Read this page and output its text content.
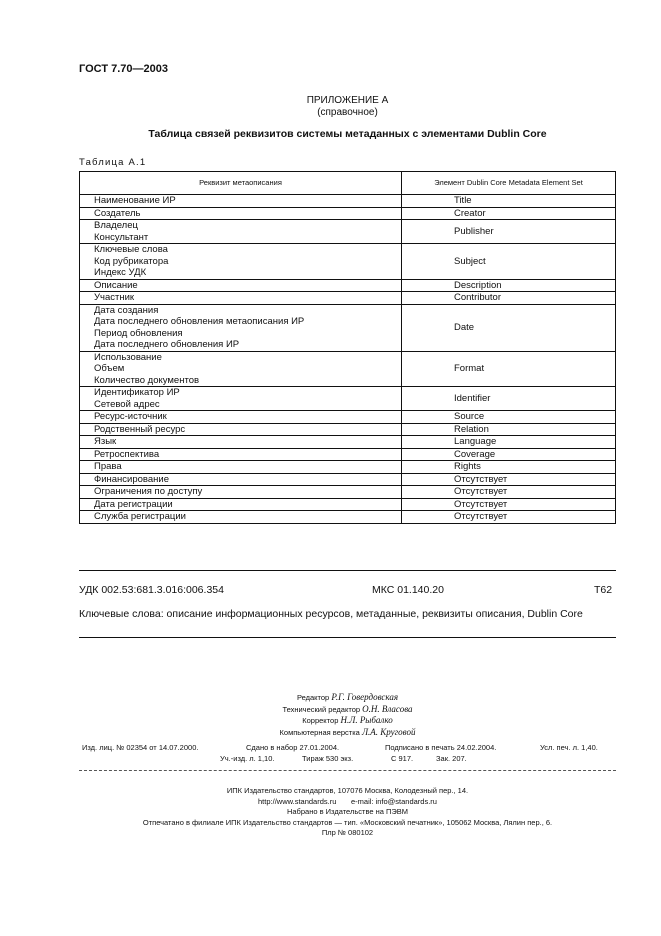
ГОСТ 7.70—2003
ПРИЛОЖЕНИЕ А
(справочное)
Таблица связей реквизитов системы метаданных с элементами Dublin Core
Таблица А.1
Реквизит метаописания	Элемент Dublin Core Metadata Element Set

Наименование ИР	Title

Создатель	Creator

Владелец
Консультант	Publisher

Ключевые слова
Код рубрикатора
Индекс УДК	Subject

Описание	Description

Участник	Contributor

Дата создания
Дата последнего обновления метаописания ИР
Период обновления
Дата последнего обновления ИР	Date

Использование
Объем
Количество документов	Format

Идентификатор ИР
Сетевой адрес	Identifier

Ресурс-источник	Source

Родственный ресурс	Relation

Язык	Language

Ретроспектива	Coverage

Права	Rights

Финансирование	Отсутствует

Ограничения по доступу	Отсутствует

Дата регистрации	Отсутствует

Служба регистрации	Отсутствует
УДК 002.53:681.3.016:006.354	МКС 01.140.20	Т62
Ключевые слова: описание информационных ресурсов, метаданные, реквизиты описания, Dublin Core
Редактор Р.Г. Говердовская
Технический редактор О.Н. Власова
Корректор Н.Л. Рыбалко
Компьютерная верстка Л.А. Круговой
Изд. лиц. № 02354 от 14.07.2000.	Сдано в набор 27.01.2004.	Подписано в печать 24.02.2004.	Усл. печ. л. 1,40.
Уч.-изд. л. 1,10.	Тираж 530 экз.	С 917.	Зак. 207.
ИПК Издательство стандартов, 107076 Москва, Колодезный пер., 14.
http://www.standards.ru e-mail: info@standards.ru
Набрано в Издательстве на ПЭВМ
Отпечатано в филиале ИПК Издательство стандартов — тип. «Московский печатник», 105062 Москва, Лялин пер., 6.
Плр № 080102
